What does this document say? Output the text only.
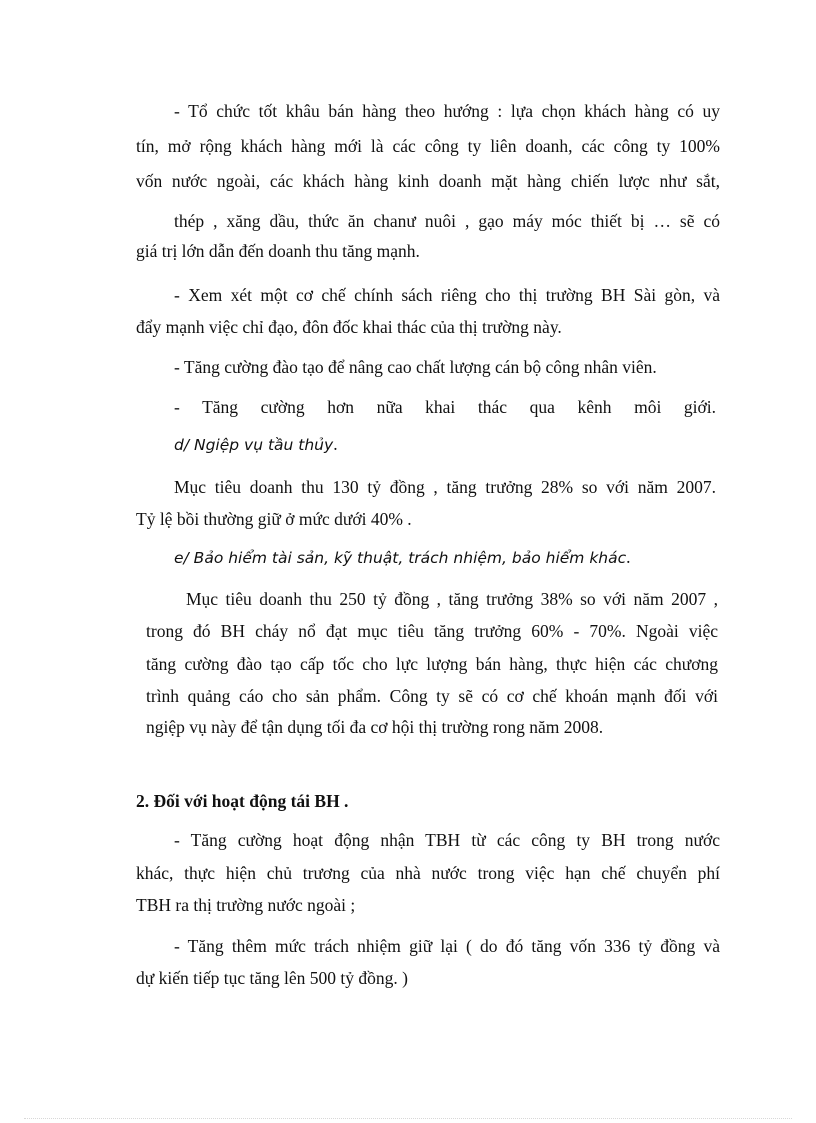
- Tổ chức tốt khâu bán hàng theo hướng : lựa chọn khách hàng có uy
tín, mở rộng khách hàng mới là các công ty liên doanh, các công ty 100%
vốn nước ngoài, các khách hàng kinh doanh mặt hàng chiến lược như sắt,
thép , xăng dầu, thức ăn chanư nuôi , gạo máy móc thiết bị … sẽ có
giá trị lớn dẫn đến doanh thu tăng mạnh.
- Xem xét một cơ chế chính sách riêng cho thị trường BH Sài gòn, và
đẩy mạnh việc chỉ đạo, đôn đốc khai thác của thị trường này.
- Tăng cường đào tạo để nâng cao chất lượng cán bộ công nhân viên.
- Tăng cường hơn nữa khai thác qua kênh môi giới.
d/ Ngiệp vụ tầu thủy.
Mục tiêu doanh thu 130 tỷ đồng , tăng trưởng 28% so với năm 2007.
Tỷ lệ bồi thường giữ ở mức dưới 40% .
e/ Bảo hiểm tài sản, kỹ thuật, trách nhiệm, bảo hiểm khác.
Mục tiêu doanh thu 250 tỷ đồng , tăng trưởng 38% so với năm 2007 ,
trong đó BH cháy nổ đạt mục tiêu tăng trưởng 60% - 70%. Ngoài việc
tăng cường đào tạo cấp tốc cho lực lượng bán hàng, thực hiện các chương
trình quảng cáo cho sản phẩm. Công ty sẽ có cơ chế khoán mạnh đối với
ngiệp vụ này để tận dụng tối đa cơ hội thị trường rong năm 2008.
2. Đối với hoạt động tái BH .
- Tăng cường hoạt động nhận TBH từ các công ty BH trong nước
khác, thực hiện chủ trương của nhà nước trong việc hạn chế chuyển phí
TBH ra thị trường nước ngoài ;
- Tăng thêm mức trách nhiệm giữ lại ( do đó tăng vốn 336 tỷ đồng và
dự kiến tiếp tục tăng lên 500 tỷ đồng. )
